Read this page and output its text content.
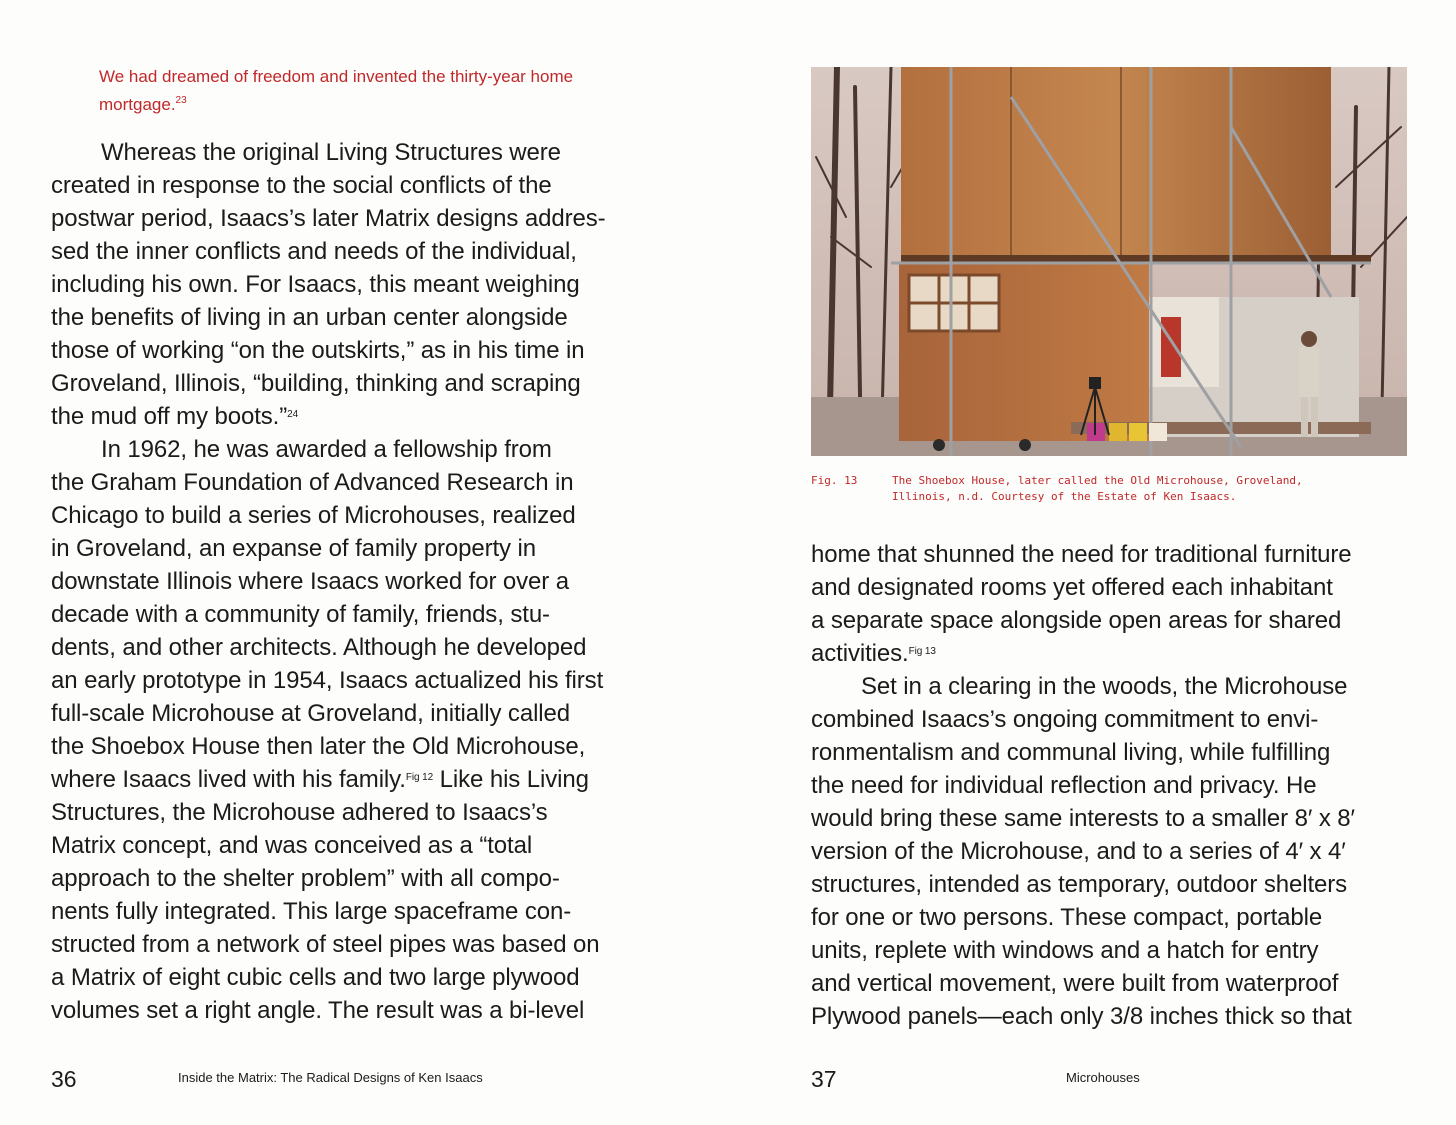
We had dreamed of freedom and invented the thirty-year home
mortgage.$^{23}$

Whereas the original Living Structures were

created in response to the social conflicts of the

postwar period, Isaacs’s later Matrix designs addres-

sed the inner conflicts and needs of the individual,

including his own. For Isaacs, this meant weighing

the benefits of living in an urban center alongside

those of working “on the outskirts,” as in his time in

Groveland, Illinois, “building, thinking and scraping

the mud off my boots.”$^{24}$

In 1962, he was awarded a fellowship from

the Graham Foundation of Advanced Research in

Chicago to build a series of Microhouses, realized

in Groveland, an expanse of family property in

downstate Illinois where Isaacs worked for over a

decade with a community of family, friends, stu-

dents, and other architects. Although he developed

an early prototype in 1954, Isaacs actualized his first

full-scale Microhouse at Groveland, initially called

the Shoebox House then later the Old Microhouse,

where Isaacs lived with his family.$^{Fig 12}$ Like his Living

Structures, the Microhouse adhered to Isaacs’s

Matrix concept, and was conceived as a “total

approach to the shelter problem” with all compo-

nents fully integrated. This large spaceframe con-

structed from a network of steel pipes was based on

a Matrix of eight cubic cells and two large plywood

volumes set a right angle. The result was a bi-level

36	Inside the Matrix: The Radical Designs of Ken Isaacs
Fig. 13	The Shoebox House, later called the Old Microhouse, Groveland,
Illinois, n.d. Courtesy of the Estate of Ken Isaacs.

home that shunned the need for traditional furniture

and designated rooms yet offered each inhabitant

a separate space alongside open areas for shared

activities.$^{Fig 13}$

Set in a clearing in the woods, the Microhouse

combined Isaacs’s ongoing commitment to envi-

ronmentalism and communal living, while fulfilling

the need for individual reflection and privacy. He

would bring these same interests to a smaller 8′ x 8′

version of the Microhouse, and to a series of 4′ x 4′

structures, intended as temporary, outdoor shelters

for one or two persons. These compact, portable

units, replete with windows and a hatch for entry

and vertical movement, were built from waterproof

Plywood panels—each only 3/8 inches thick so that

37	Microhouses
